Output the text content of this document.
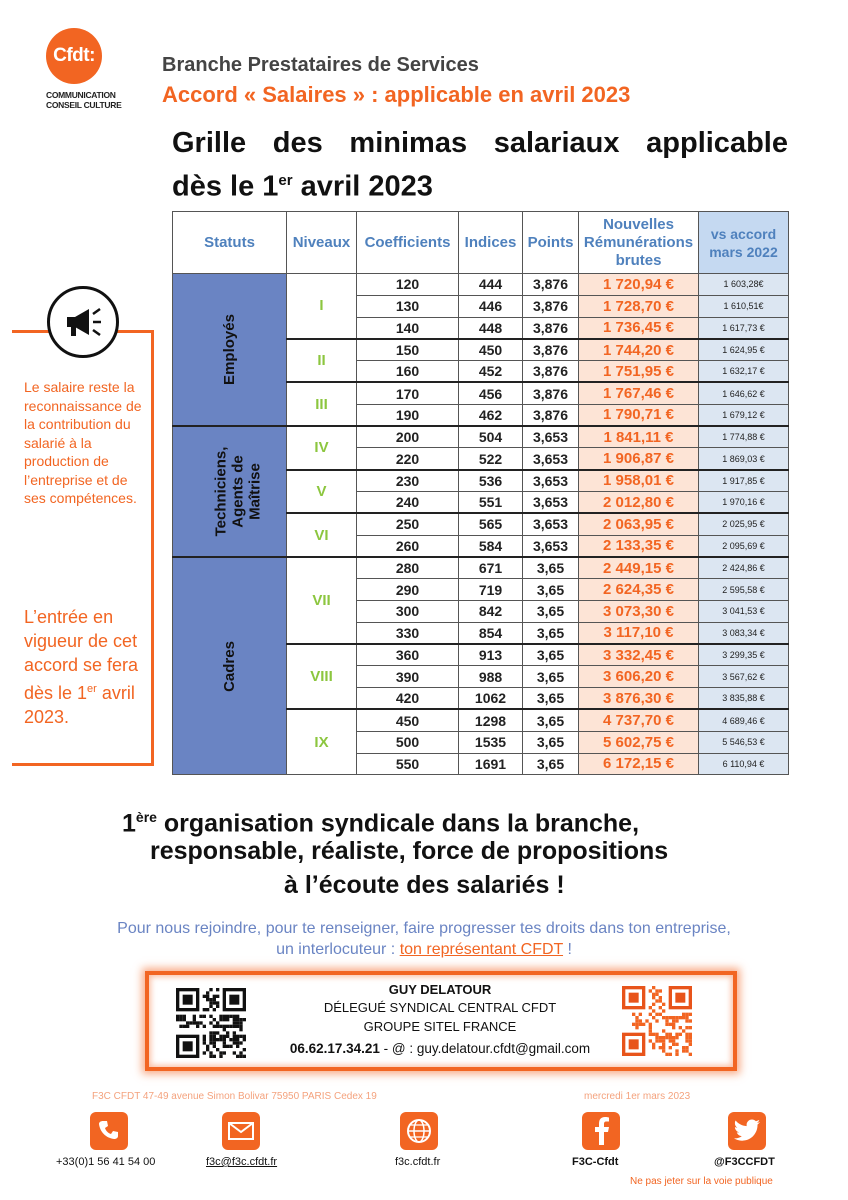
Cfdt:
COMMUNICATION
CONSEIL CULTURE
Branche Prestataires de Services
Accord « Salaires » : applicable en avril 2023
Grille des minimas salariaux applicable
dès le 1er avril 2023
Le salaire reste la reconnaissance de la contribution du salarié à la production de l’entreprise et de ses compétences.
L’entrée en vigueur de cet accord se fera dès le 1er avril 2023.
Statuts	Niveaux	Coefficients	Indices	Points	Nouvelles Rémunérations brutes	vs accord mars 2022
Employés	I	120	444	3,876	1 720,94 €	1 603,28€
		130	446	3,876	1 728,70 €	1 610,51€
		140	448	3,876	1 736,45 €	1 617,73 €
	II	150	450	3,876	1 744,20 €	1 624,95 €
		160	452	3,876	1 751,95 €	1 632,17 €
	III	170	456	3,876	1 767,46 €	1 646,62 €
		190	462	3,876	1 790,71 €	1 679,12 €
Techniciens, Agents de Maîtrise	IV	200	504	3,653	1 841,11 €	1 774,88 €
		220	522	3,653	1 906,87 €	1 869,03 €
	V	230	536	3,653	1 958,01 €	1 917,85 €
		240	551	3,653	2 012,80 €	1 970,16 €
	VI	250	565	3,653	2 063,95 €	2 025,95 €
		260	584	3,653	2 133,35 €	2 095,69 €
Cadres	VII	280	671	3,65	2 449,15 €	2 424,86 €
		290	719	3,65	2 624,35 €	2 595,58 €
		300	842	3,65	3 073,30 €	3 041,53 €
		330	854	3,65	3 117,10 €	3 083,34 €
	VIII	360	913	3,65	3 332,45 €	3 299,35 €
		390	988	3,65	3 606,20 €	3 567,62 €
		420	1062	3,65	3 876,30 €	3 835,88 €
	IX	450	1298	3,65	4 737,70 €	4 689,46 €
		500	1535	3,65	5 602,75 €	5 546,53 €
		550	1691	3,65	6 172,15 €	6 110,94 €
1ère organisation syndicale dans la branche,
responsable, réaliste, force de propositions
à l’écoute des salariés !
Pour nous rejoindre, pour te renseigner, faire progresser tes droits dans ton entreprise,
un interlocuteur : ton représentant CFDT !
GUY DELATOUR
DÉLEGUÉ SYNDICAL CENTRAL CFDT
GROUPE SITEL FRANCE
06.62.17.34.21 - @ : guy.delatour.cfdt@gmail.com
F3C CFDT 47-49 avenue Simon Bolivar 75950 PARIS Cedex 19	mercredi 1er mars 2023
+33(0)1 56 41 54 00	f3c@f3c.cfdt.fr	f3c.cfdt.fr	F3C-Cfdt	@F3CCFDT
Ne pas jeter sur la voie publique
